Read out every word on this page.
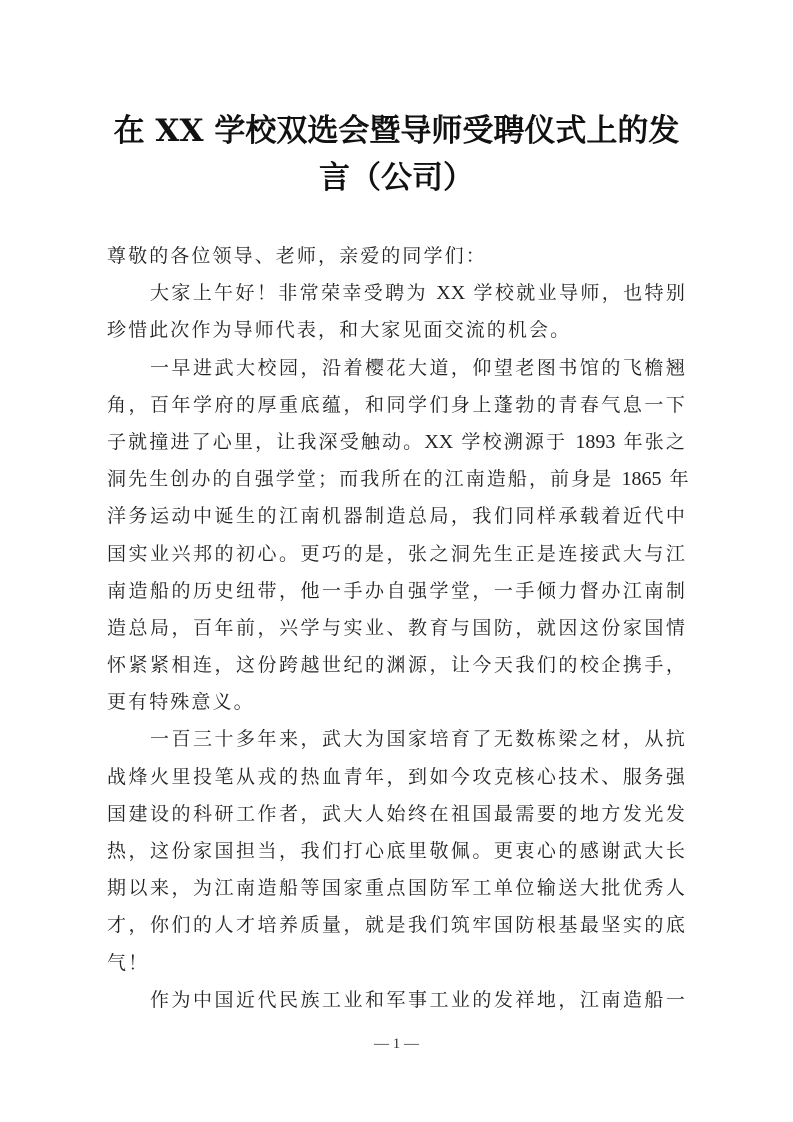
在 XX 学校双选会暨导师受聘仪式上的发
言（公司）
尊敬的各位领导、老师，亲爱的同学们：
大家上午好！非常荣幸受聘为 XX 学校就业导师，也特别
珍惜此次作为导师代表，和大家见面交流的机会。
一早进武大校园，沿着樱花大道，仰望老图书馆的飞檐翘
角，百年学府的厚重底蕴，和同学们身上蓬勃的青春气息一下
子就撞进了心里，让我深受触动。XX 学校溯源于 1893 年张之
洞先生创办的自强学堂；而我所在的江南造船，前身是 1865 年
洋务运动中诞生的江南机器制造总局，我们同样承载着近代中
国实业兴邦的初心。更巧的是，张之洞先生正是连接武大与江
南造船的历史纽带，他一手办自强学堂，一手倾力督办江南制
造总局，百年前，兴学与实业、教育与国防，就因这份家国情
怀紧紧相连，这份跨越世纪的渊源，让今天我们的校企携手，
更有特殊意义。
一百三十多年来，武大为国家培育了无数栋梁之材，从抗
战烽火里投笔从戎的热血青年，到如今攻克核心技术、服务强
国建设的科研工作者，武大人始终在祖国最需要的地方发光发
热，这份家国担当，我们打心底里敬佩。更衷心的感谢武大长
期以来，为江南造船等国家重点国防军工单位输送大批优秀人
才，你们的人才培养质量，就是我们筑牢国防根基最坚实的底
气！
作为中国近代民族工业和军事工业的发祥地，江南造船一
— 1 —
